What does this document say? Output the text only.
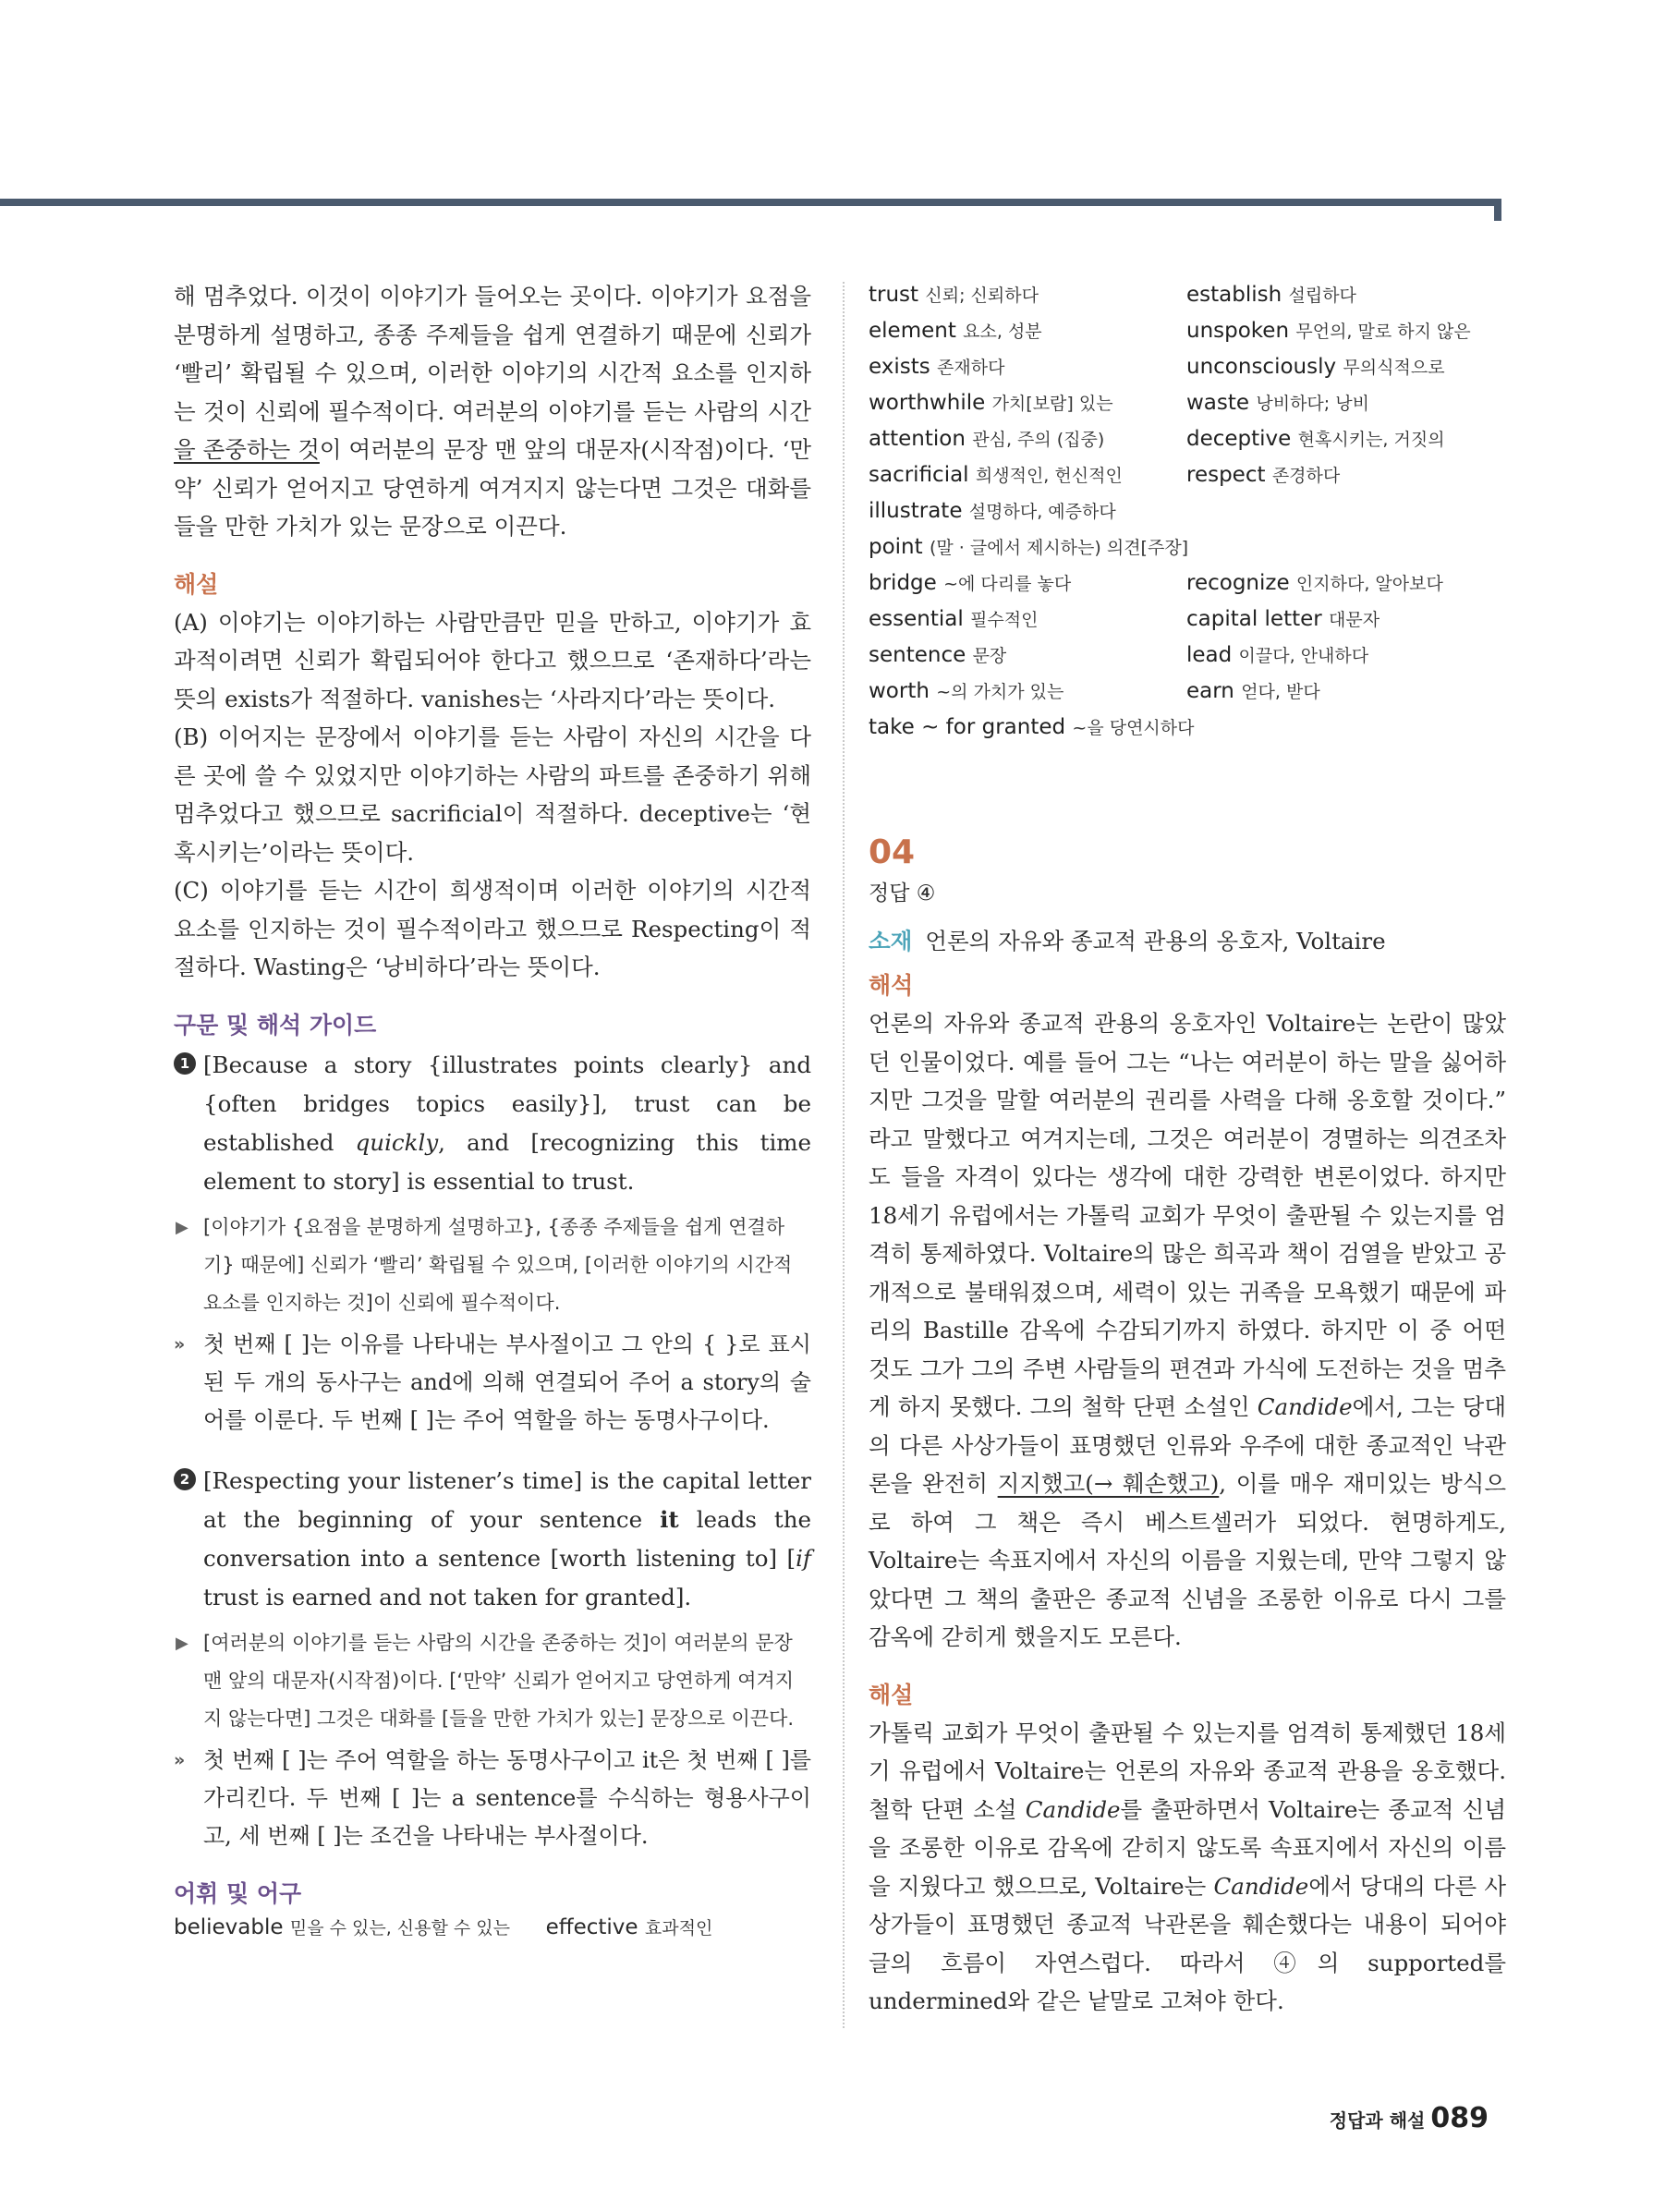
해 멈추었다. 이것이 이야기가 들어오는 곳이다. 이야기가 요점을 분명하게 설명하고, 종종 주제들을 쉽게 연결하기 때문에 신뢰가 ‘빨리’ 확립될 수 있으며, 이러한 이야기의 시간적 요소를 인지하는 것이 신뢰에 필수적이다. 여러분의 이야기를 듣는 사람의 시간 을 존중하는 것이 여러분의 문장 맨 앞의 대문자(시작점)이다. ‘만약’ 신뢰가 얻어지고 당연하게 여겨지지 않는다면 그것은 대화를 들을 만한 가치가 있는 문장으로 이끈다.

해설

(A) 이야기는 이야기하는 사람만큼만 믿을 만하고, 이야기가 효과적이려면 신뢰가 확립되어야 한다고 했으므로 ‘존재하다’라는 뜻의 exists가 적절하다. vanishes는 ‘사라지다’라는 뜻이다.

(B) 이어지는 문장에서 이야기를 듣는 사람이 자신의 시간을 다른 곳에 쓸 수 있었지만 이야기하는 사람의 파트를 존중하기 위해 멈추었다고 했으므로 sacrificial이 적절하다. deceptive는 ‘현혹시키는’이라는 뜻이다.

(C) 이야기를 듣는 시간이 희생적이며 이러한 이야기의 시간적 요소를 인지하는 것이 필수적이라고 했으므로 Respecting이 적절하다. Wasting은 ‘낭비하다’라는 뜻이다.

구문 및 해석 가이드
1 [Because a story {illustrates points clearly} and {often bridges topics easily}], trust can be established quickly, and [recognizing this time element to story] is essential to trust.

▶ [이야기가 {요점을 분명하게 설명하고}, {종종 주제들을 쉽게 연결하기} 때문에] 신뢰가 ‘빨리’ 확립될 수 있으며, [이러한 이야기의 시간적 요소를 인지하는 것]이 신뢰에 필수적이다.
» 첫 번째 [ ]는 이유를 나타내는 부사절이고 그 안의 { }로 표시된 두 개의 동사구는 and에 의해 연결되어 주어 a story의 술어를 이룬다. 두 번째 [ ]는 주어 역할을 하는 동명사구이다.
2 [Respecting your listener’s time] is the capital letter at the beginning of your sentence it leads the conversation into a sentence [worth listening to] [if trust is earned and not taken for granted].

▶ [여러분의 이야기를 듣는 사람의 시간을 존중하는 것]이 여러분의 문장 맨 앞의 대문자(시작점)이다. [‘만약’ 신뢰가 얻어지고 당연하게 여겨지지 않는다면] 그것은 대화를 [들을 만한 가치가 있는] 문장으로 이끈다.
» 첫 번째 [ ]는 주어 역할을 하는 동명사구이고 it은 첫 번째 [ ]를 가리킨다. 두 번째 [ ]는 a sentence를 수식하는 형용사구이고, 세 번째 [ ]는 조건을 나타내는 부사절이다.
어휘 및 어구
believable 믿을 수 있는, 신용할 수 있는 effective 효과적인
trust 신뢰; 신뢰하다	establish 설립하다
element 요소, 성분	unspoken 무언의, 말로 하지 않은
exists 존재하다	unconsciously 무의식적으로
worthwhile 가치[보람] 있는	waste 낭비하다; 낭비
attention 관심, 주의 (집중)	deceptive 현혹시키는, 거짓의
sacrificial 희생적인, 헌신적인	respect 존경하다
illustrate 설명하다, 예증하다
point (말 · 글에서 제시하는) 의견[주장]
bridge ~에 다리를 놓다	recognize 인지하다, 알아보다
essential 필수적인	capital letter 대문자
sentence 문장	lead 이끌다, 안내하다
worth ~의 가치가 있는	earn 얻다, 받다
take ~ for granted ~을 당연시하다
04
정답 ④
소재 언론의 자유와 종교적 관용의 옹호자, Voltaire
해석

언론의 자유와 종교적 관용의 옹호자인 Voltaire는 논란이 많았던 인물이었다. 예를 들어 그는 “나는 여러분이 하는 말을 싫어하지만 그것을 말할 여러분의 권리를 사력을 다해 옹호할 것이다.” 라고 말했다고 여겨지는데, 그것은 여러분이 경멸하는 의견조차도 들을 자격이 있다는 생각에 대한 강력한 변론이었다. 하지만 18세기 유럽에서는 가톨릭 교회가 무엇이 출판될 수 있는지를 엄격히 통제하였다. Voltaire의 많은 희곡과 책이 검열을 받았고 공개적으로 불태워졌으며, 세력이 있는 귀족을 모욕했기 때문에 파리의 Bastille 감옥에 수감되기까지 하였다. 하지만 이 중 어떤 것도 그가 그의 주변 사람들의 편견과 가식에 도전하는 것을 멈추게 하지 못했다. 그의 철학 단편 소설인 Candide에서, 그는 당대의 다른 사상가들이 표명했던 인류와 우주에 대한 종교적인 낙관론을 완전히 지지했고(→ 훼손했고), 이를 매우 재미있는 방식으로 하여 그 책은 즉시 베스트셀러가 되었다. 현명하게도, Voltaire는 속표지에서 자신의 이름을 지웠는데, 만약 그렇지 않았다면 그 책의 출판은 종교적 신념을 조롱한 이유로 다시 그를 감옥에 갇히게 했을지도 모른다.

해설

가톨릭 교회가 무엇이 출판될 수 있는지를 엄격히 통제했던 18세기 유럽에서 Voltaire는 언론의 자유와 종교적 관용을 옹호했다. 철학 단편 소설 Candide를 출판하면서 Voltaire는 종교적 신념을 조롱한 이유로 감옥에 갇히지 않도록 속표지에서 자신의 이름을 지웠다고 했으므로, Voltaire는 Candide에서 당대의 다른 사상가들이 표명했던 종교적 낙관론을 훼손했다는 내용이 되어야 글의 흐름이 자연스럽다. 따라서 ④의 supported를 undermined와 같은 낱말로 고쳐야 한다.

정답과 해설 089
